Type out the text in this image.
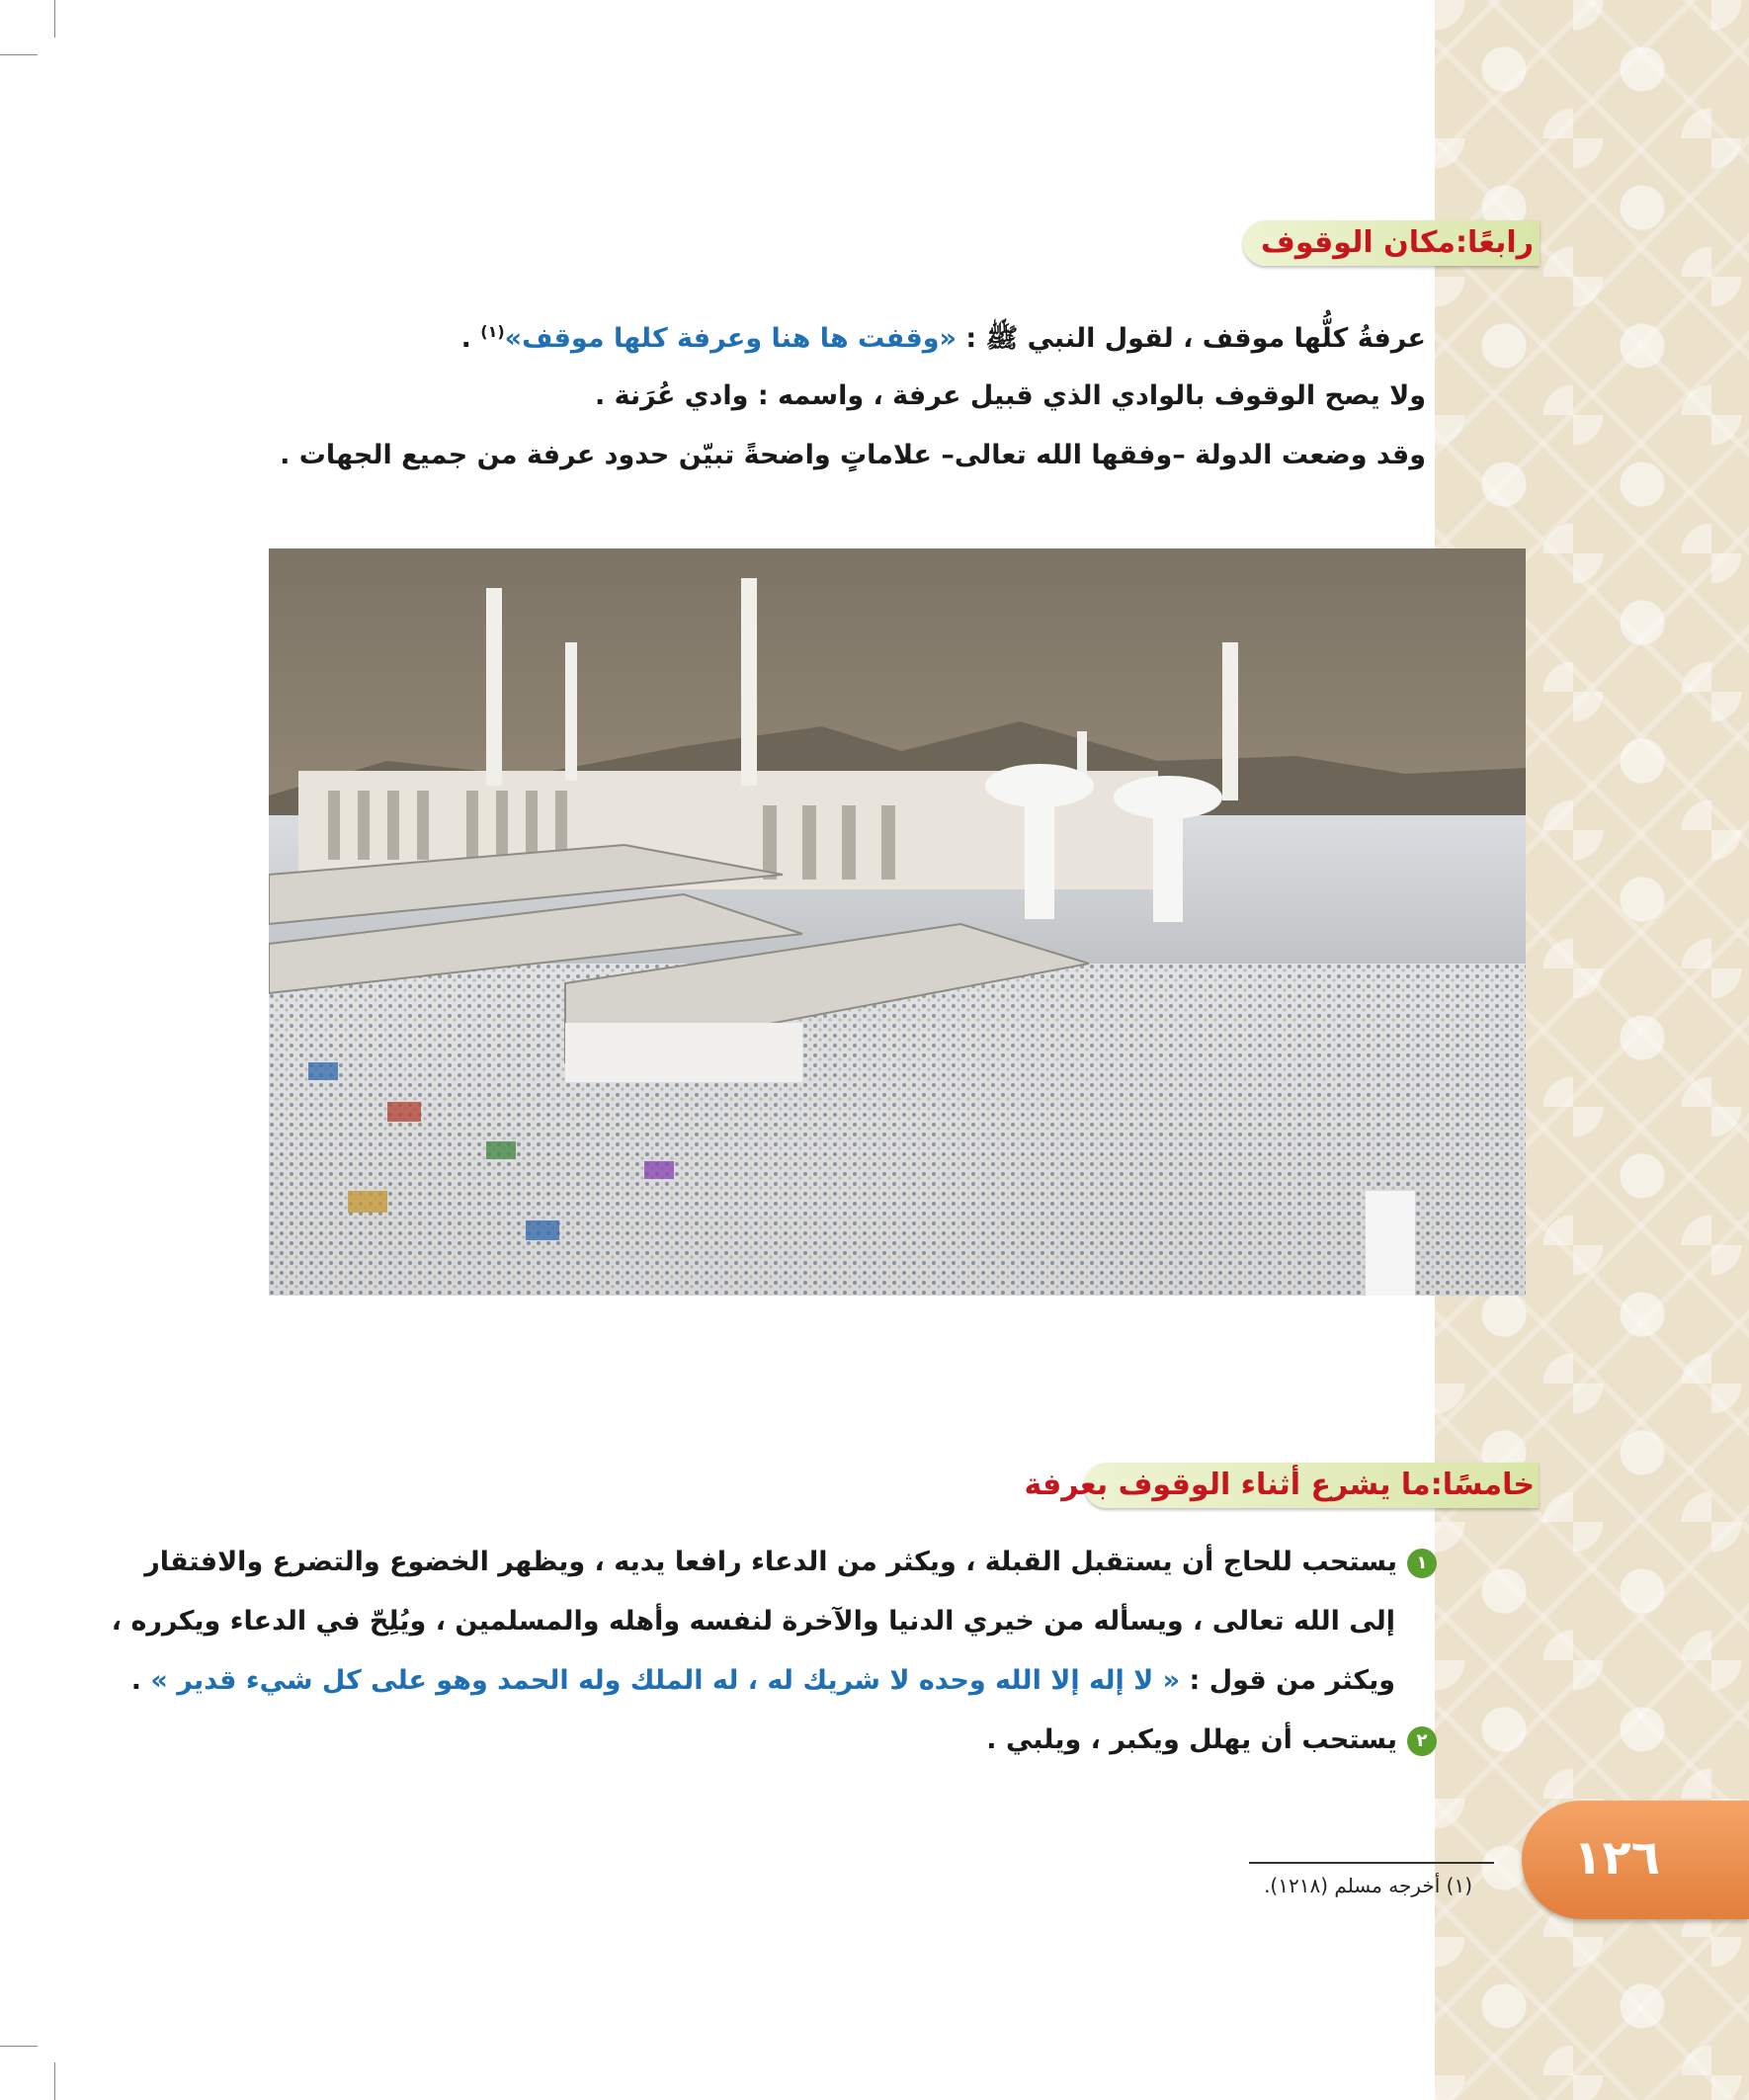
رابعًا:مكان الوقوف
عرفةُ كلُّها موقف ، لقول النبي ﷺ : «وقفت ها هنا وعرفة كلها موقف»$^{(١)}$ .
ولا يصح الوقوف بالوادي الذي قبيل عرفة ، واسمه : وادي عُرَنة .
وقد وضعت الدولة –وفقها الله تعالى– علاماتٍ واضحةً تبيّن حدود عرفة من جميع الجهات .
خامسًا:ما يشرع أثناء الوقوف بعرفة
١يستحب للحاج أن يستقبل القبلة ، ويكثر من الدعاء رافعا يديه ، ويظهر الخضوع والتضرع والافتقار
إلى الله تعالى ، ويسأله من خيري الدنيا والآخرة لنفسه وأهله والمسلمين ، ويُلِحّ في الدعاء ويكرره ،
ويكثر من قول : « لا إله إلا الله وحده لا شريك له ، له الملك وله الحمد وهو على كل شيء قدير » .
٢يستحب أن يهلل ويكبر ، ويلبي .
(١) أخرجه مسلم (١٢١٨). ١٢٦
